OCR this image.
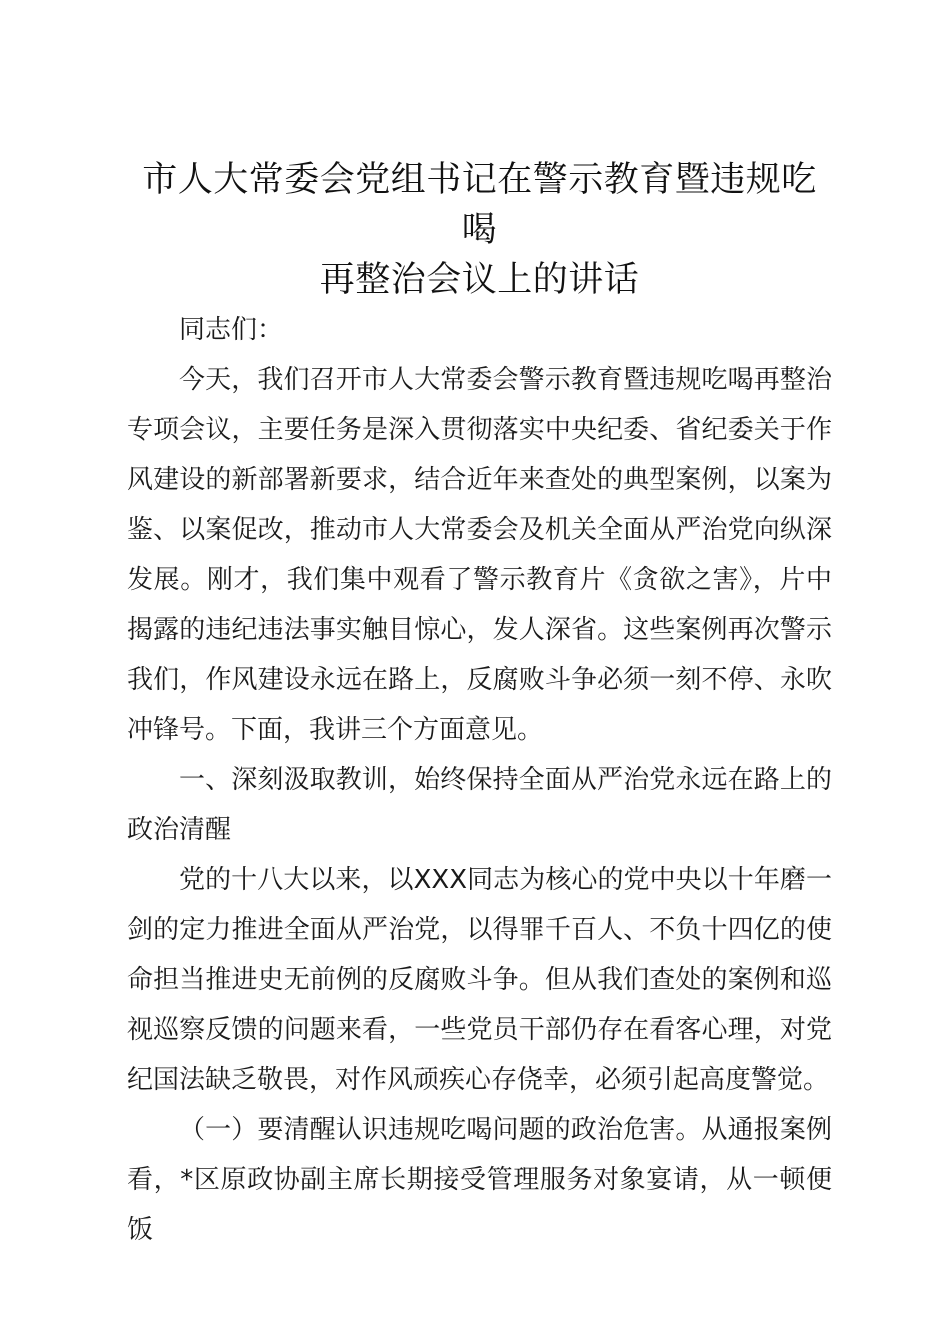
市人大常委会党组书记在警示教育暨违规吃喝
再整治会议上的讲话

同志们：

今天，我们召开市人大常委会警示教育暨违规吃喝再整治专项会议，主要任务是深入贯彻落实中央纪委、省纪委关于作风建设的新部署新要求，结合近年来查处的典型案例，以案为鉴、以案促改，推动市人大常委会及机关全面从严治党向纵深发展。刚才，我们集中观看了警示教育片《贪欲之害》，片中揭露的违纪违法事实触目惊心，发人深省。这些案例再次警示我们，作风建设永远在路上，反腐败斗争必须一刻不停、永吹冲锋号。下面，我讲三个方面意见。

一、深刻汲取教训，始终保持全面从严治党永远在路上的政治清醒

党的十八大以来，以XXX同志为核心的党中央以十年磨一剑的定力推进全面从严治党，以得罪千百人、不负十四亿的使命担当推进史无前例的反腐败斗争。但从我们查处的案例和巡视巡察反馈的问题来看，一些党员干部仍存在看客心理，对党纪国法缺乏敬畏，对作风顽疾心存侥幸，必须引起高度警觉。

（一）要清醒认识违规吃喝问题的政治危害。从通报案例看，*区原政协副主席长期接受管理服务对象宴请，从一顿便饭
